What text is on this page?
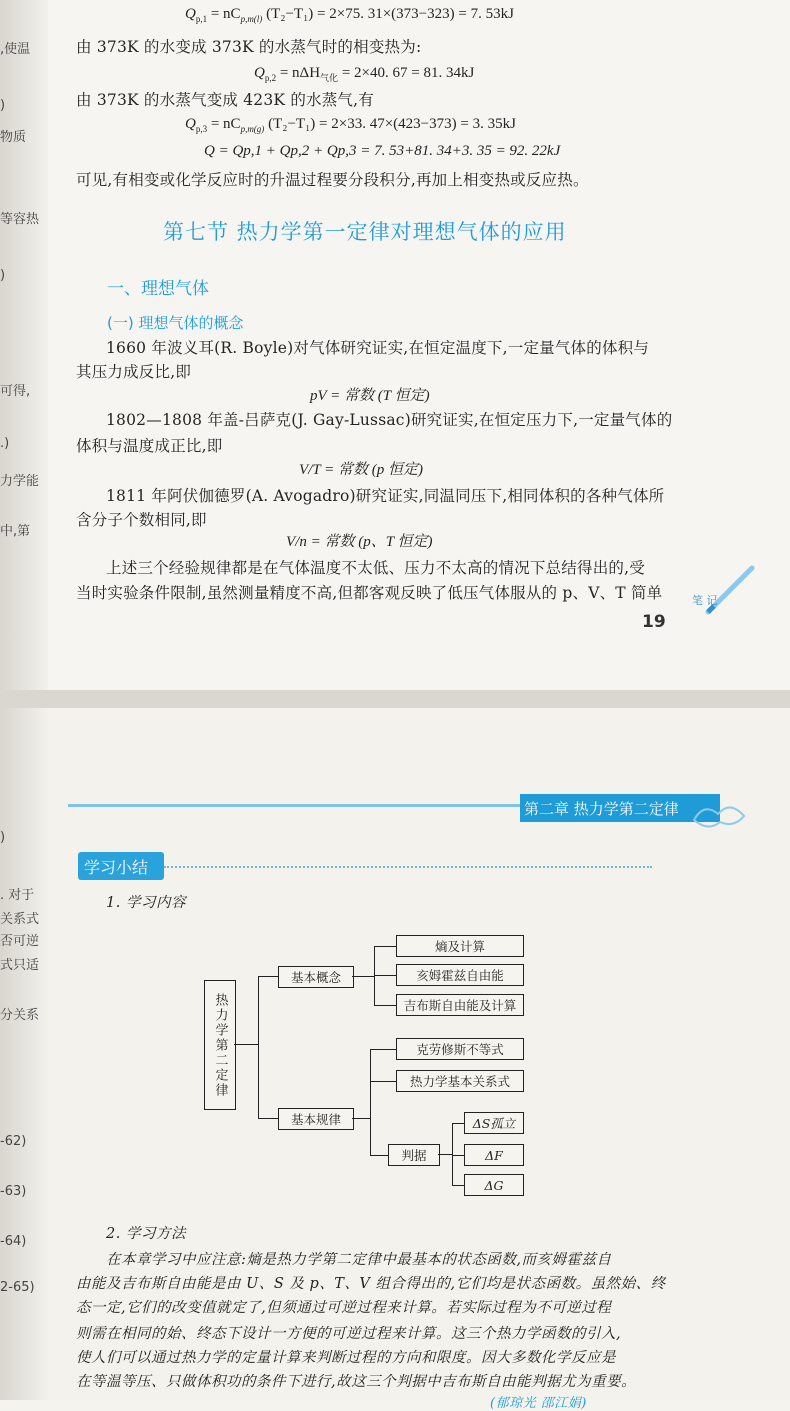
,使温
)
物质
等容热
)
可得,
.)
力学能
中,第
$Q_{p,1} = nC_{p,m(l)}$ (T₂−T₁) = 2×75. 31×(373−323) = 7. 53kJ
由 373K 的水变成 373K 的水蒸气时的相变热为:
$Q_{p,2} = n\Delta H_{气化} = 2\times 40$. 67 = 81. 34kJ
由 373K 的水蒸气变成 423K 的水蒸气,有
$Q_{p,3} = nC_{p,m(g)}$ (T₂−T₁) = 2×33. 47×(423−373) = 3. 35kJ
Q = Qp,1 + Qp,2 + Qp,3 = 7. 53+81. 34+3. 35 = 92. 22kJ
可见,有相变或化学反应时的升温过程要分段积分,再加上相变热或反应热。
第七节 热力学第一定律对理想气体的应用
一、理想气体
(一) 理想气体的概念
1660 年波义耳(R. Boyle)对气体研究证实,在恒定温度下,一定量气体的体积与
其压力成反比,即
pV = 常数 (T 恒定)
1802—1808 年盖-吕萨克(J. Gay-Lussac)研究证实,在恒定压力下,一定量气体的
体积与温度成正比,即
V/T = 常数 (p 恒定)
1811 年阿伏伽德罗(A. Avogadro)研究证实,同温同压下,相同体积的各种气体所
含分子个数相同,即
V/n = 常数 (p、T 恒定)
上述三个经验规律都是在气体温度不太低、压力不太高的情况下总结得出的,受
当时实验条件限制,虽然测量精度不高,但都客观反映了低压气体服从的 p、V、T 简单	笔 记
19
)
. 对于
关系式
否可逆
式只适
分关系
-62)
-63)
-64)
2-65)
第二章 热力学第二定律
学习小结
1. 学习内容
热力学第二定律
基本概念
基本规律
熵及计算
亥姆霍兹自由能
吉布斯自由能及计算
克劳修斯不等式
热力学基本关系式
判据
ΔS孤立
ΔF
ΔG
2. 学习方法
在本章学习中应注意:熵是热力学第二定律中最基本的状态函数,而亥姆霍兹自
由能及吉布斯自由能是由 U、S 及 p、T、V 组合得出的,它们均是状态函数。虽然始、终
态一定,它们的改变值就定了,但须通过可逆过程来计算。若实际过程为不可逆过程
则需在相同的始、终态下设计一方便的可逆过程来计算。这三个热力学函数的引入,
使人们可以通过热力学的定量计算来判断过程的方向和限度。因大多数化学反应是
在等温等压、只做体积功的条件下进行,故这三个判据中吉布斯自由能判据尤为重要。
(郁琼光 邵江娟)
